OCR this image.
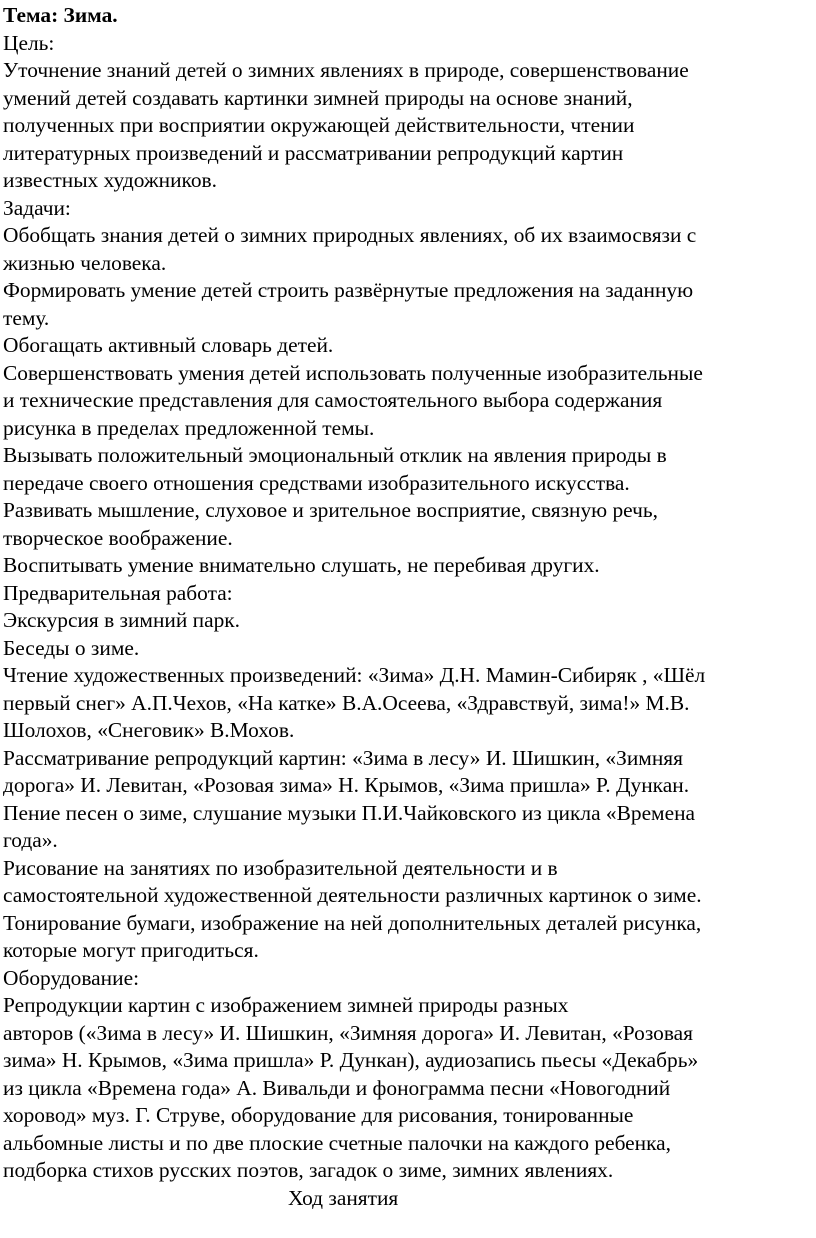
Тема: Зима.
Цель:
Уточнение знаний детей о зимних явлениях в природе, совершенствование
умений детей создавать картинки зимней природы на основе знаний,
полученных при восприятии окружающей действительности, чтении
литературных произведений и рассматривании репродукций картин
известных художников.
Задачи:
Обобщать знания детей о зимних природных явлениях, об их взаимосвязи с
жизнью человека.
Формировать умение детей строить развёрнутые предложения на заданную
тему.
Обогащать активный словарь детей.
Совершенствовать умения детей использовать полученные изобразительные
и технические представления для самостоятельного выбора содержания
рисунка в пределах предложенной темы.
Вызывать положительный эмоциональный отклик на явления природы в
передаче своего отношения средствами изобразительного искусства.
Развивать мышление, слуховое и зрительное восприятие, связную речь,
творческое воображение.
Воспитывать умение внимательно слушать, не перебивая других.
Предварительная работа:
Экскурсия в зимний парк.
Беседы о зиме.
Чтение художественных произведений: «Зима» Д.Н. Мамин-Сибиряк , «Шёл
первый снег» А.П.Чехов, «На катке» В.А.Осеева, «Здравствуй, зима!» М.В.
Шолохов, «Снеговик» В.Мохов.
Рассматривание репродукций картин: «Зима в лесу» И. Шишкин, «Зимняя
дорога» И. Левитан, «Розовая зима» Н. Крымов, «Зима пришла» Р. Дункан.
Пение песен о зиме, слушание музыки П.И.Чайковского из цикла «Времена
года».
Рисование на занятиях по изобразительной деятельности и в
самостоятельной художественной деятельности различных картинок о зиме.
Тонирование бумаги, изображение на ней дополнительных деталей рисунка,
которые могут пригодиться.
Оборудование:
Репродукции картин с изображением зимней природы разных
авторов («Зима в лесу» И. Шишкин, «Зимняя дорога» И. Левитан, «Розовая
зима» Н. Крымов, «Зима пришла» Р. Дункан), аудиозапись пьесы «Декабрь»
из цикла «Времена года» А. Вивальди и фонограмма песни «Новогодний
хоровод» муз. Г. Струве, оборудование для рисования, тонированные
альбомные листы и по две плоские счетные палочки на каждого ребенка,
подборка стихов русских поэтов, загадок о зиме, зимних явлениях.
Ход занятия
